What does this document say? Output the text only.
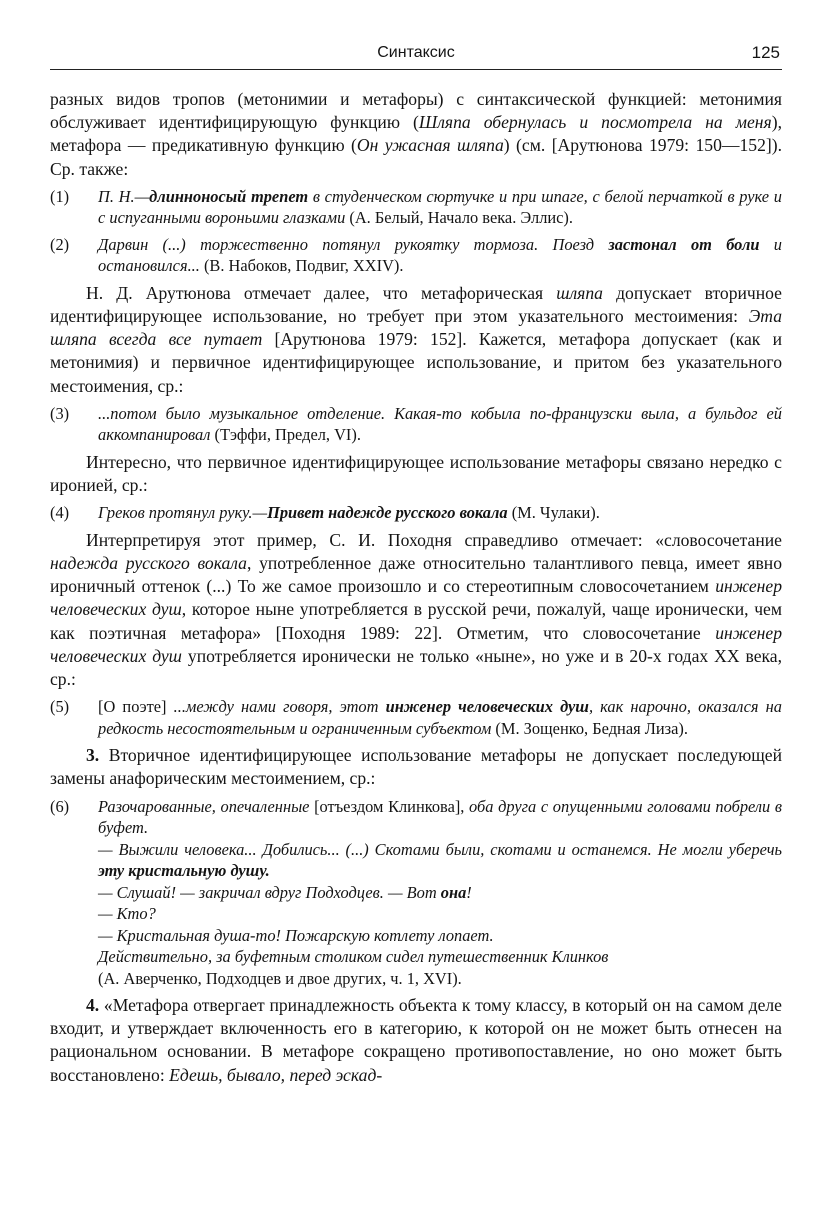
Синтаксис	125

разных видов тропов (метонимии и метафоры) с синтаксической функцией: метонимия обслуживает идентифицирующую функцию (Шляпа обернулась и посмотрела на меня), метафора — предикативную функцию (Он ужасная шляпа) (см. [Арутюнова 1979: 150—152]). Ср. также:

(1) П. Н.—длинноносый трепет в студенческом сюртучке и при шпаге, с белой перчаткой в руке и с испуганными вороньими глазками (А. Белый, Начало века. Эллис).

(2) Дарвин (...) торжественно потянул рукоятку тормоза. Поезд застонал от боли и остановился... (В. Набоков, Подвиг, XXIV).

Н. Д. Арутюнова отмечает далее, что метафорическая шляпа допускает вторичное идентифицирующее использование, но требует при этом указательного местоимения: Эта шляпа всегда все путает [Арутюнова 1979: 152]. Кажется, метафора допускает (как и метонимия) и первичное идентифицирующее использование, и притом без указательного местоимения, ср.:

(3) ...потом было музыкальное отделение. Какая-то кобыла по-французски выла, а бульдог ей аккомпанировал (Тэффи, Предел, VI).

Интересно, что первичное идентифицирующее использование метафоры связано нередко с иронией, ср.:

(4) Греков протянул руку.—Привет надежде русского вокала (М. Чулаки).

Интерпретируя этот пример, С. И. Походня справедливо отмечает: «словосочетание надежда русского вокала, употребленное даже относительно талантливого певца, имеет явно ироничный оттенок (...) То же самое произошло и со стереотипным словосочетанием инженер человеческих душ, которое ныне употребляется в русской речи, пожалуй, чаще иронически, чем как поэтичная метафора» [Походня 1989: 22]. Отметим, что словосочетание инженер человеческих душ употребляется иронически не только «ныне», но уже и в 20-х годах XX века, ср.:

(5) [О поэте] ...между нами говоря, этот инженер человеческих душ, как нарочно, оказался на редкость несостоятельным и ограниченным субъектом (М. Зощенко, Бедная Лиза).

3. Вторичное идентифицирующее использование метафоры не допускает последующей замены анафорическим местоимением, ср.:

(6) Разочарованные, опечаленные [отъездом Клинкова], оба друга с опущенными головами побрели в буфет.

— Выжили человека... Добились... (...) Скотами были, скотами и останемся. Не могли уберечь эту кристальную душу.

— Слушай! — закричал вдруг Подходцев. — Вот она!

— Кто?

— Кристальная душа-то! Пожарскую котлету лопает.

Действительно, за буфетным столиком сидел путешественник Клинков

(А. Аверченко, Подходцев и двое других, ч. 1, XVI).

4. «Метафора отвергает принадлежность объекта к тому классу, в который он на самом деле входит, и утверждает включенность его в категорию, к которой он не может быть отнесен на рациональном основании. В метафоре сокращено противопоставление, но оно может быть восстановлено: Едешь, бывало, перед эскад-
